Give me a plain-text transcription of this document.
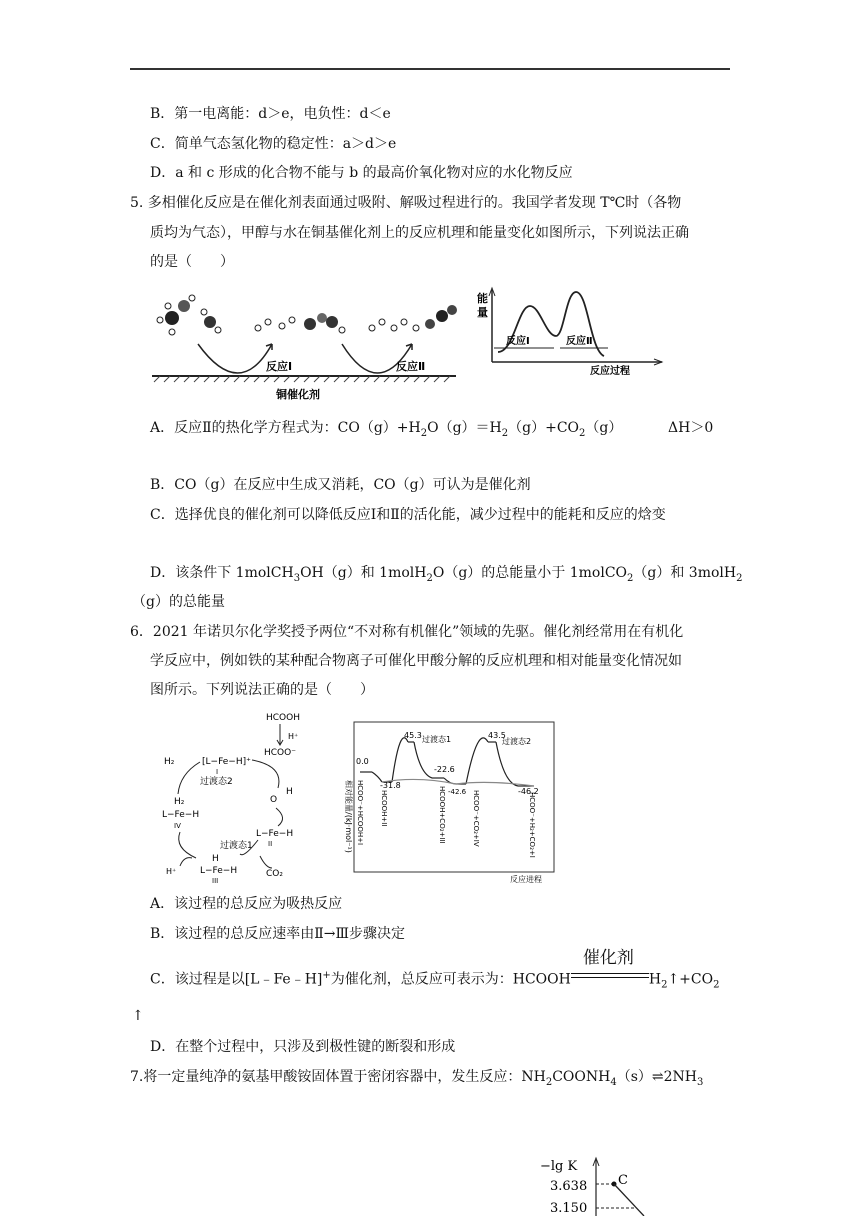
B．第一电离能：d＞e，电负性：d＜e
C．简单气态氢化物的稳定性：a＞d＞e
D．a 和 c 形成的化合物不能与 b 的最高价氧化物对应的水化物反应
5. 多相催化反应是在催化剂表面通过吸附、解吸过程进行的。我国学者发现 T℃时（各物
质均为气态），甲醇与水在铜基催化剂上的反应机理和能量变化如图所示，下列说法正确
的是（　　）
反应Ⅰ	反应Ⅱ
铜催化剂
能
量
反应Ⅰ	反应Ⅱ
反应过程
A．反应Ⅱ的热化学方程式为：$CO(g)+H_2O(g)=H_2(g)+CO_2(g)$	ΔH＞0
B．CO（g）在反应中生成又消耗，CO（g）可认为是催化剂
C．选择优良的催化剂可以降低反应Ⅰ和Ⅱ的活化能，减少过程中的能耗和反应的焓变
D．该条件下 1molCH$_3$OH（g）和 1molH$_2$O（g）的总能量小于 1molCO$_2$（g）和 3molH$_2$
（g）的总能量
6．2021 年诺贝尔化学奖授予两位“不对称有机催化”领域的先驱。催化剂经常用在有机化
学反应中，例如铁的某种配合物离子可催化甲酸分解的反应机理和相对能量变化情况如
图所示。下列说法正确的是（　　）
HCOOH
H⁺
HCOO⁻
H₂	[L−Fe−H]⁺
I
过渡态2
H₂
L−Fe−H
IV
O
H
L−Fe−H
II
过渡态1
H
L−Fe−H
III
H⁺	CO₂
相对能量/(kJ·mol⁻¹)
反应进程
0.0
-31.8
45.3
-22.6
-42.6
43.5
-46.2
过渡态1	过渡态2
HCOO⁻+HCOOH+I HCOOH+II	HCOOH+CO₂+III	HCOO⁻+CO₂+IV	HCOO⁻+H₂+CO₂+I
A．该过程的总反应为吸热反应
B．该过程的总反应速率由Ⅱ→Ⅲ步骤决定
C．该过程是以[L﹣Fe﹣H]+为催化剂，总反应可表示为：HCOOH
催化剂
$H_2↑+CO_2$
↑
D．在整个过程中，只涉及到极性键的断裂和形成
7.将一定量纯净的氨基甲酸铵固体置于密闭容器中，发生反应：$NH_2COONH_4(s)\rightleftharpoons 2NH_3$
−lg K
3.638
3.150
C
